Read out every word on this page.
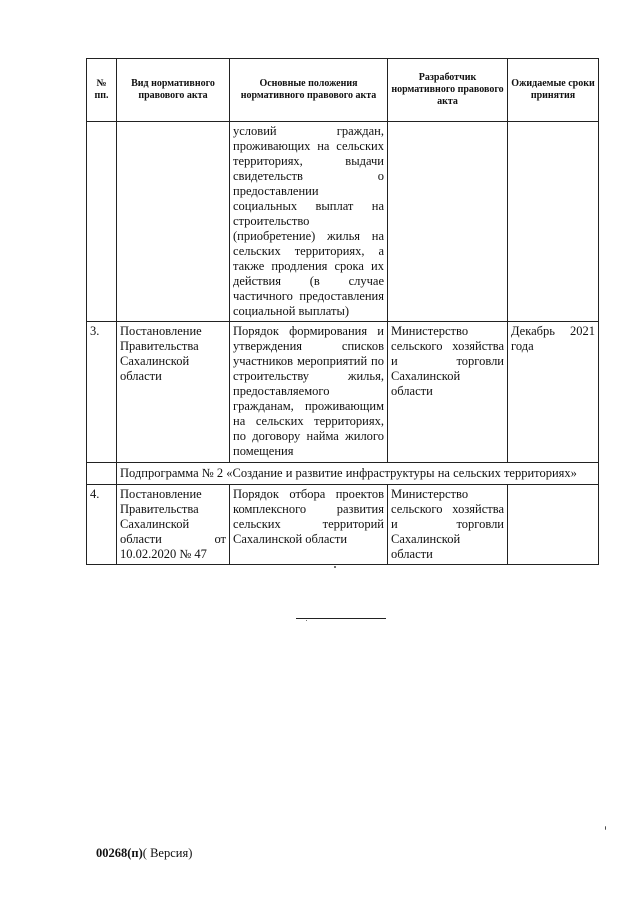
№ пп.	Вид нормативного правового акта	Основные положения нормативного правового акта	Разработчик нормативного правового акта	Ожидаемые сроки принятия
		условий граждан, проживающих на сельских территориях, выдачи свидетельств о предоставлении социальных выплат на строительство (приобретение) жилья на сельских территориях, а также продления срока их действия (в случае частичного предоставления социальной выплаты)		
3.	Постановление Правительства Сахалинской области	Порядок формирования и утверждения списков участников мероприятий по строительству жилья, предоставляемого гражданам, проживающим на сельских территориях, по договору найма жилого помещения	Министерство сельского хозяйства и торговли Сахалинской области	Декабрь 2021 года
	Подпрограмма № 2 «Создание и развитие инфраструктуры на сельских территориях»			
4.	Постановление Правительства Сахалинской области от 10.02.2020 № 47	Порядок отбора проектов комплексного развития сельских территорий Сахалинской области	Министерство сельского хозяйства и торговли Сахалинской области	
00268(п)( Версия)
